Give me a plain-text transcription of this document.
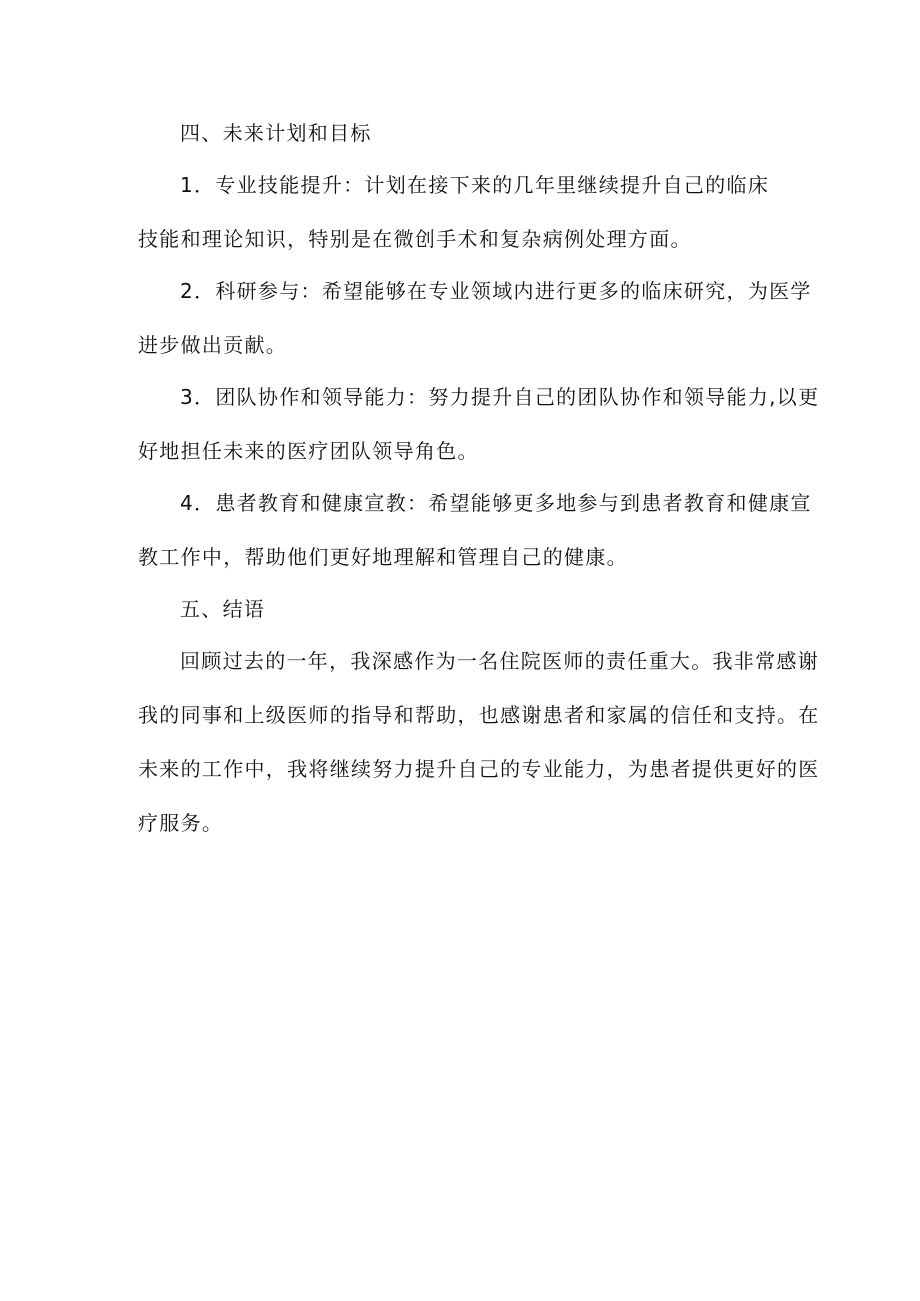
四、未来计划和目标

1．专业技能提升：计划在接下来的几年里继续提升自己的临床

技能和理论知识，特别是在微创手术和复杂病例处理方面。

2．科研参与：希望能够在专业领域内进行更多的临床研究，为医学

进步做出贡献。

3．团队协作和领导能力：努力提升自己的团队协作和领导能力,以更

好地担任未来的医疗团队领导角色。

4．患者教育和健康宣教：希望能够更多地参与到患者教育和健康宣

教工作中，帮助他们更好地理解和管理自己的健康。

五、结语

回顾过去的一年，我深感作为一名住院医师的责任重大。我非常感谢

我的同事和上级医师的指导和帮助，也感谢患者和家属的信任和支持。在

未来的工作中，我将继续努力提升自己的专业能力，为患者提供更好的医

疗服务。
